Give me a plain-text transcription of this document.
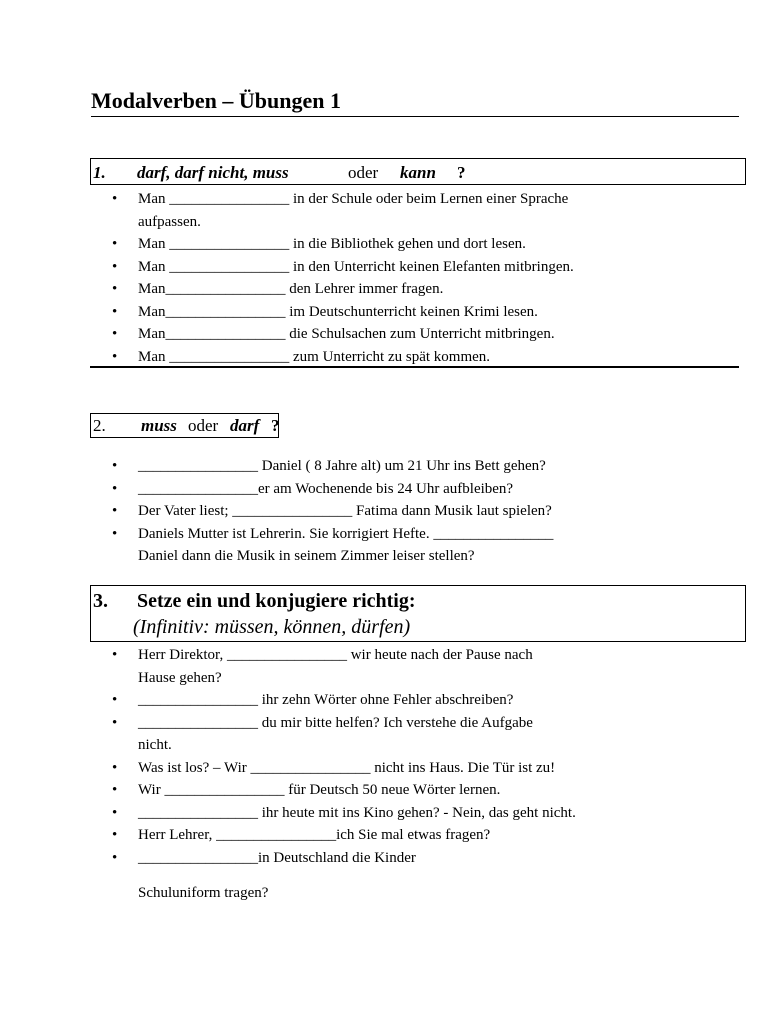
Modalverben – Übungen 1
1. darf, darf nicht, muss	oder kann ?
• Man ________________ in der Schule oder beim Lernen einer Sprache
aufpassen.
• Man ________________ in die Bibliothek gehen und dort lesen.
• Man ________________ in den Unterricht keinen Elefanten mitbringen.
• Man________________ den Lehrer immer fragen.
• Man________________ im Deutschunterricht keinen Krimi lesen.
• Man________________ die Schulsachen zum Unterricht mitbringen.
• Man ________________ zum Unterricht zu spät kommen.
2. muss oder darf ?
• ________________ Daniel ( 8 Jahre alt) um 21 Uhr ins Bett gehen?
• ________________er am Wochenende bis 24 Uhr aufbleiben?
• Der Vater liest; ________________ Fatima dann Musik laut spielen?
• Daniels Mutter ist Lehrerin. Sie korrigiert Hefte. ________________
Daniel dann die Musik in seinem Zimmer leiser stellen?
3. Setze ein und konjugiere richtig:
(Infinitiv: müssen, können, dürfen)
• Herr Direktor, ________________ wir heute nach der Pause nach
Hause gehen?
• ________________ ihr zehn Wörter ohne Fehler abschreiben?
• ________________ du mir bitte helfen? Ich verstehe die Aufgabe
nicht.
• Was ist los? – Wir ________________ nicht ins Haus. Die Tür ist zu!
• Wir ________________ für Deutsch 50 neue Wörter lernen.
• ________________ ihr heute mit ins Kino gehen? - Nein, das geht nicht.
• Herr Lehrer, ________________ich Sie mal etwas fragen?
• ________________in Deutschland die Kinder
Schuluniform tragen?
